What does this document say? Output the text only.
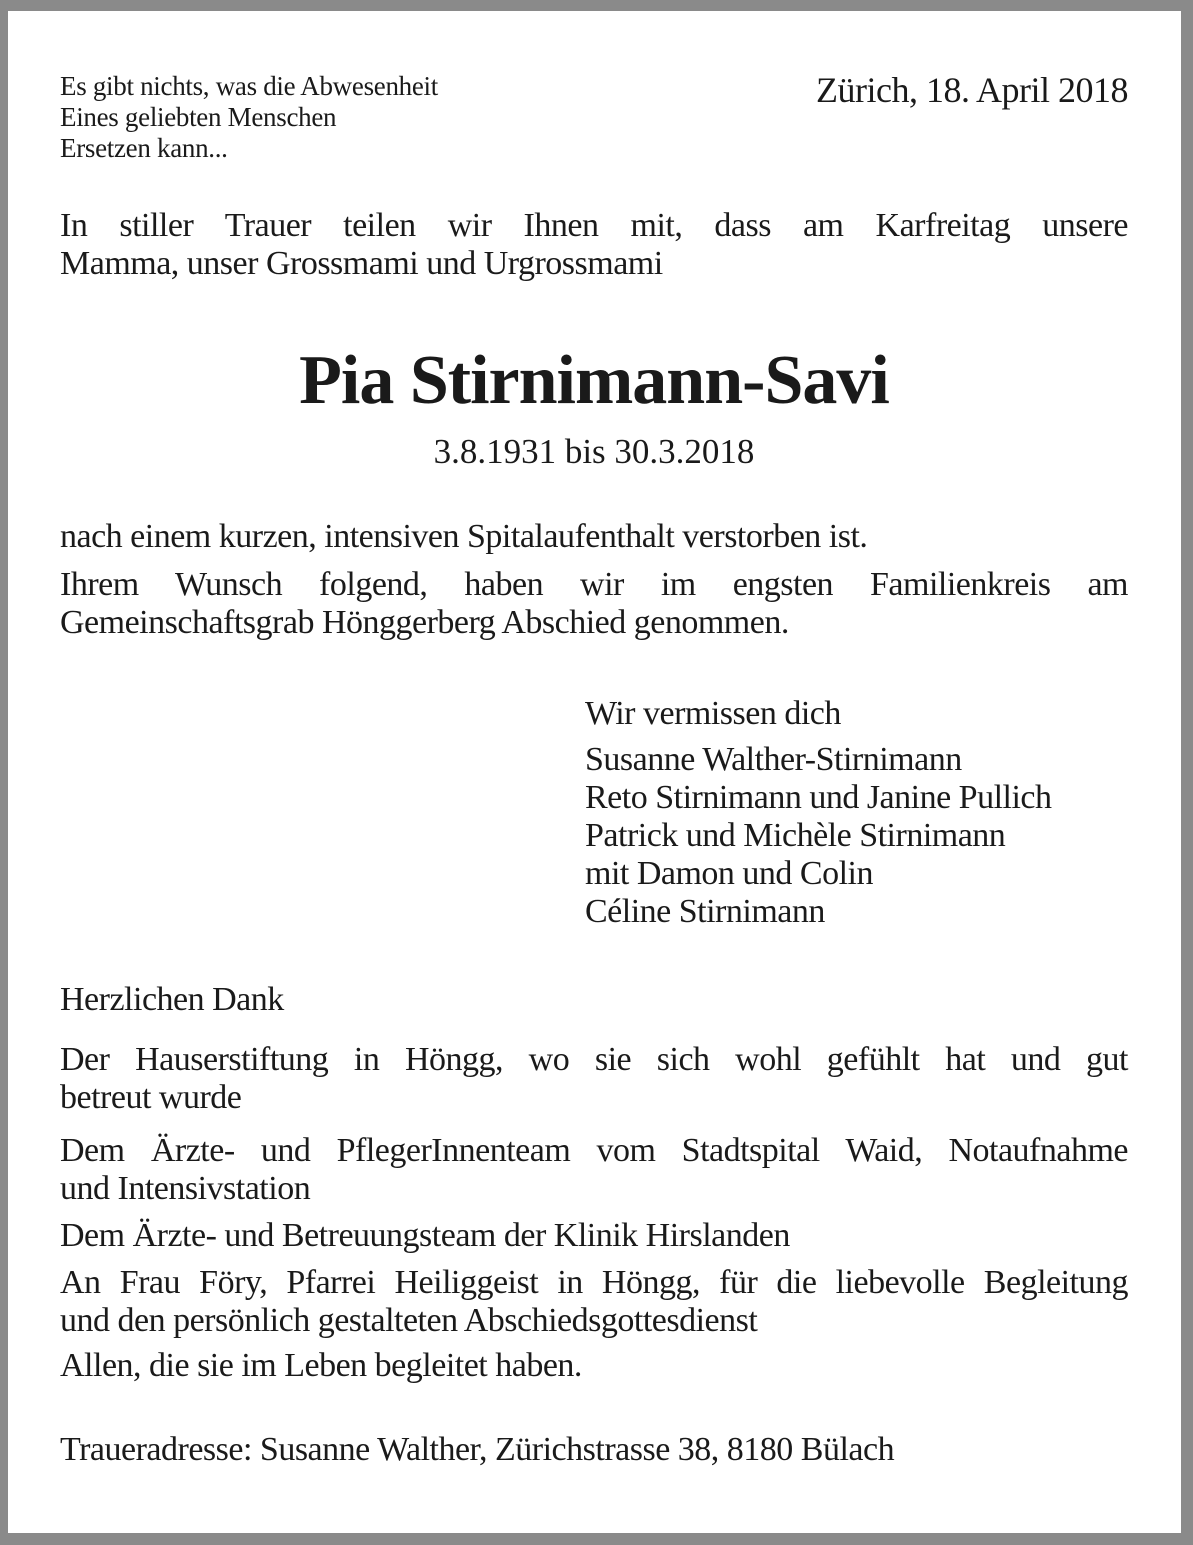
Es gibt nichts, was die Abwesenheit
Eines geliebten Menschen
Ersetzen kann...
Zürich, 18. April 2018
In stiller Trauer teilen wir Ihnen mit, dass am Karfreitag unsere
Mamma, unser Grossmami und Urgrossmami
Pia Stirnimann-Savi
3.8.1931 bis 30.3.2018
nach einem kurzen, intensiven Spitalaufenthalt verstorben ist.
Ihrem Wunsch folgend, haben wir im engsten Familienkreis am
Gemeinschaftsgrab Hönggerberg Abschied genommen.
Wir vermissen dich
Susanne Walther-Stirnimann
Reto Stirnimann und Janine Pullich
Patrick und Michèle Stirnimann
mit Damon und Colin
Céline Stirnimann
Herzlichen Dank
Der Hauserstiftung in Höngg, wo sie sich wohl gefühlt hat und gut
betreut wurde
Dem Ärzte- und PflegerInnenteam vom Stadtspital Waid, Notaufnahme
und Intensivstation
Dem Ärzte- und Betreuungsteam der Klinik Hirslanden
An Frau Föry, Pfarrei Heiliggeist in Höngg, für die liebevolle Begleitung
und den persönlich gestalteten Abschiedsgottesdienst
Allen, die sie im Leben begleitet haben.
Traueradresse: Susanne Walther, Zürichstrasse 38, 8180 Bülach
